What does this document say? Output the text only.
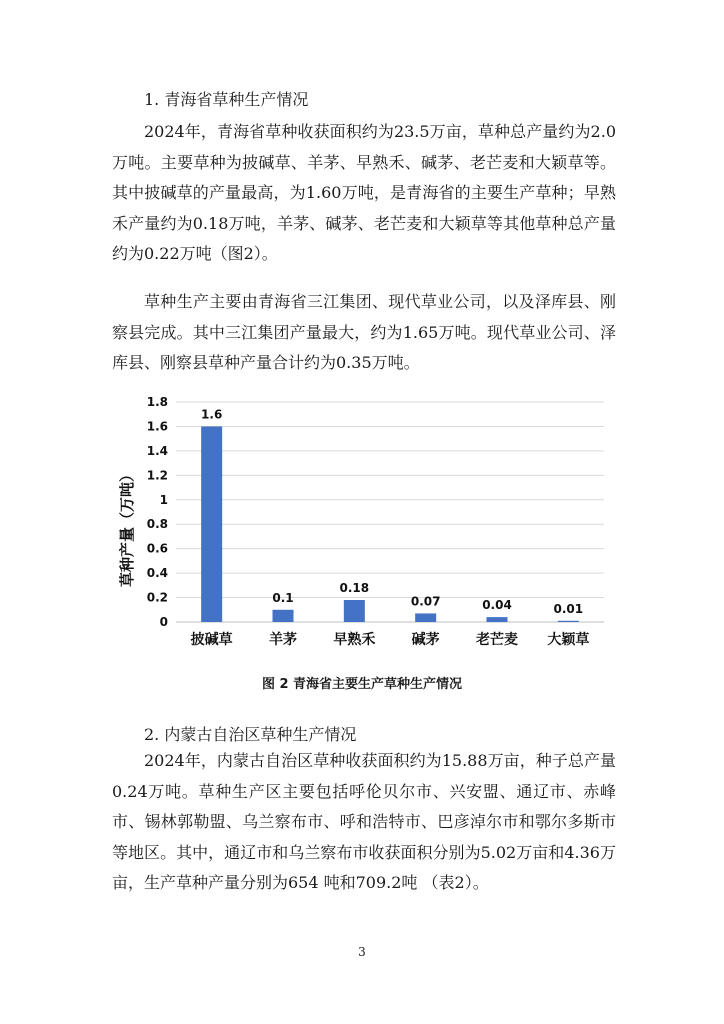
1. 青海省草种生产情况

2024年，青海省草种收获面积约为23.5万亩，草种总产量约为2.0万吨。主要草种为披碱草、羊茅、早熟禾、碱茅、老芒麦和大颖草等。其中披碱草的产量最高，为1.60万吨，是青海省的主要生产草种；早熟禾产量约为0.18万吨，羊茅、碱茅、老芒麦和大颖草等其他草种总产量约为0.22万吨（图2）。

草种生产主要由青海省三江集团、现代草业公司，以及泽库县、刚察县完成。其中三江集团产量最大，约为1.65万吨。现代草业公司、泽库县、刚察县草种产量合计约为0.35万吨。

0
0.2
0.4
0.6
0.8
1
1.2
1.4
1.6
1.8
1.6
0.1
0.18
0.07	0.04	0.01
披碱草	羊茅	早熟禾	碱茅	老芒麦 大颖草
草种产量（万吨）
图 2 青海省主要生产草种生产情况
2. 内蒙古自治区草种生产情况

2024年，内蒙古自治区草种收获面积约为15.88万亩，种子总产量0.24万吨。草种生产区主要包括呼伦贝尔市、兴安盟、通辽市、赤峰市、锡林郭勒盟、乌兰察布市、呼和浩特市、巴彦淖尔市和鄂尔多斯市等地区。其中，通辽市和乌兰察布市收获面积分别为5.02万亩和4.36万亩，生产草种产量分别为654 吨和709.2吨 （表2）。

3
